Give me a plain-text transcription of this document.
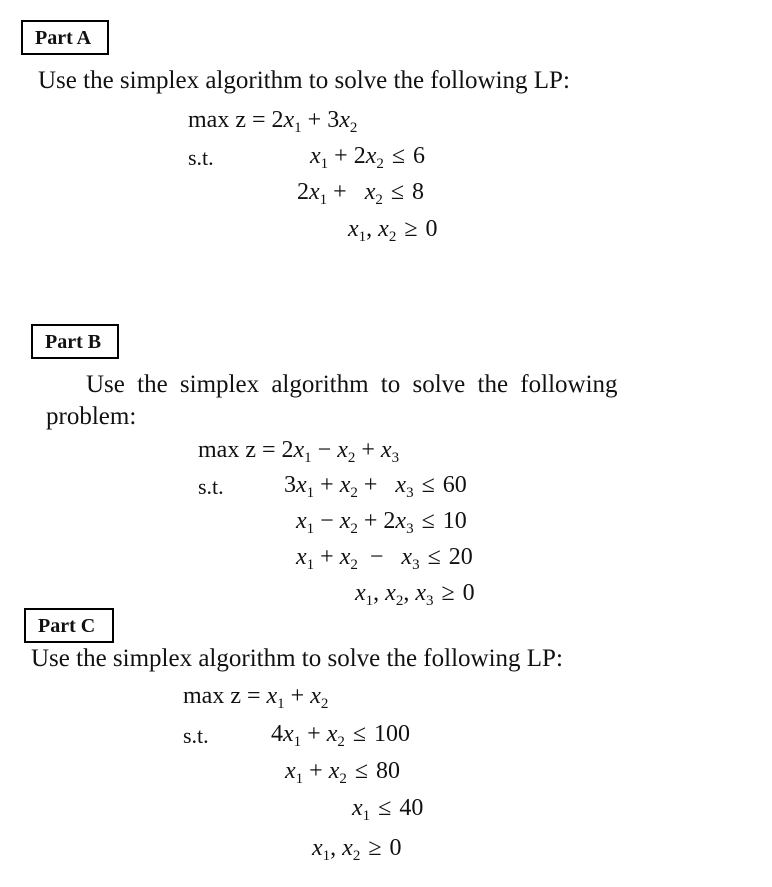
Part A
Use the simplex algorithm to solve the following LP:
$\max z = 2x_1 + 3x_2$
s.t.	$x_1 + 2x_2 \le 6$
$2x_1 + x_2 \le 8$
$x_1$, $x_2 \ge 0$
Part B
Use the simplex algorithm to solve the following
problem:
$\max z = 2x_1 - x_2 + x_3$
s.t.	$3x_1 + x_2 + x_3 \le 60$
$x_1 - x_2 + 2x_3 \le 10$
$x_1 + x_2 - x_3 \le 20$
$x_1$, $x_2$, $x_3 \ge 0$
Part C
Use the simplex algorithm to solve the following LP:
$\max z = x_1 + x_2$
s.t.	$4x_1 + x_2 \le 100$
$x_1 + x_2 \le 80$
$x_1 \le 40$
$x_1$, $x_2 \ge 0$
